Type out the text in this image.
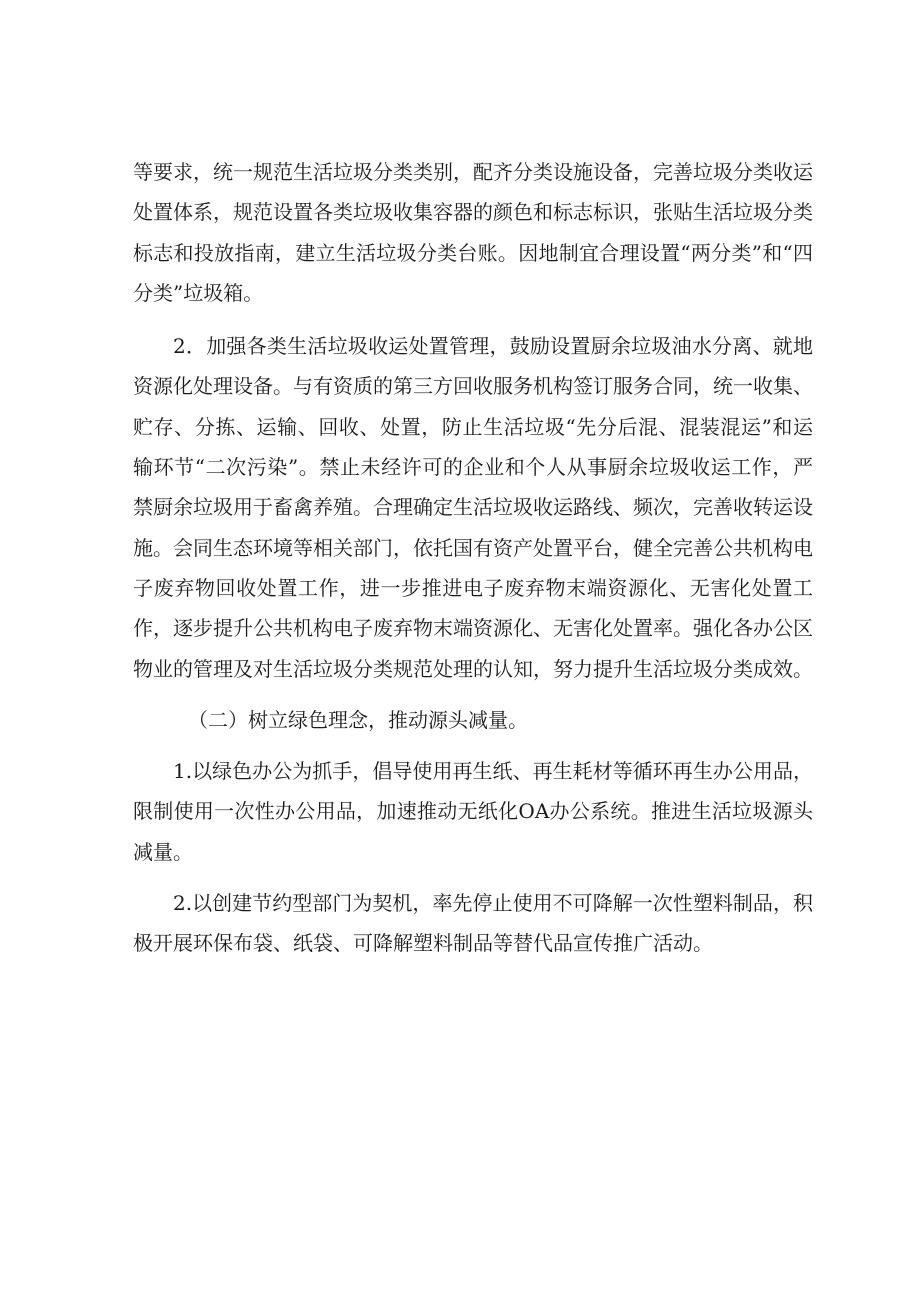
等要求，统一规范生活垃圾分类类别，配齐分类设施设备，完善垃圾分类收运处置体系，规范设置各类垃圾收集容器的颜色和标志标识，张贴生活垃圾分类标志和投放指南，建立生活垃圾分类台账。因地制宜合理设置“两分类”和“四分类”垃圾箱。

2．加强各类生活垃圾收运处置管理，鼓励设置厨余垃圾油水分离、就地资源化处理设备。与有资质的第三方回收服务机构签订服务合同，统一收集、贮存、分拣、运输、回收、处置，防止生活垃圾“先分后混、混装混运”和运输环节“二次污染”。禁止未经许可的企业和个人从事厨余垃圾收运工作，严禁厨余垃圾用于畜禽养殖。合理确定生活垃圾收运路线、频次，完善收转运设施。会同生态环境等相关部门，依托国有资产处置平台，健全完善公共机构电子废弃物回收处置工作，进一步推进电子废弃物末端资源化、无害化处置工作，逐步提升公共机构电子废弃物末端资源化、无害化处置率。强化各办公区物业的管理及对生活垃圾分类规范处理的认知，努力提升生活垃圾分类成效。

（二）树立绿色理念，推动源头减量。

1.以绿色办公为抓手，倡导使用再生纸、再生耗材等循环再生办公用品，限制使用一次性办公用品，加速推动无纸化OA办公系统。推进生活垃圾源头减量。

2.以创建节约型部门为契机，率先停止使用不可降解一次性塑料制品，积极开展环保布袋、纸袋、可降解塑料制品等替代品宣传推广活动。
